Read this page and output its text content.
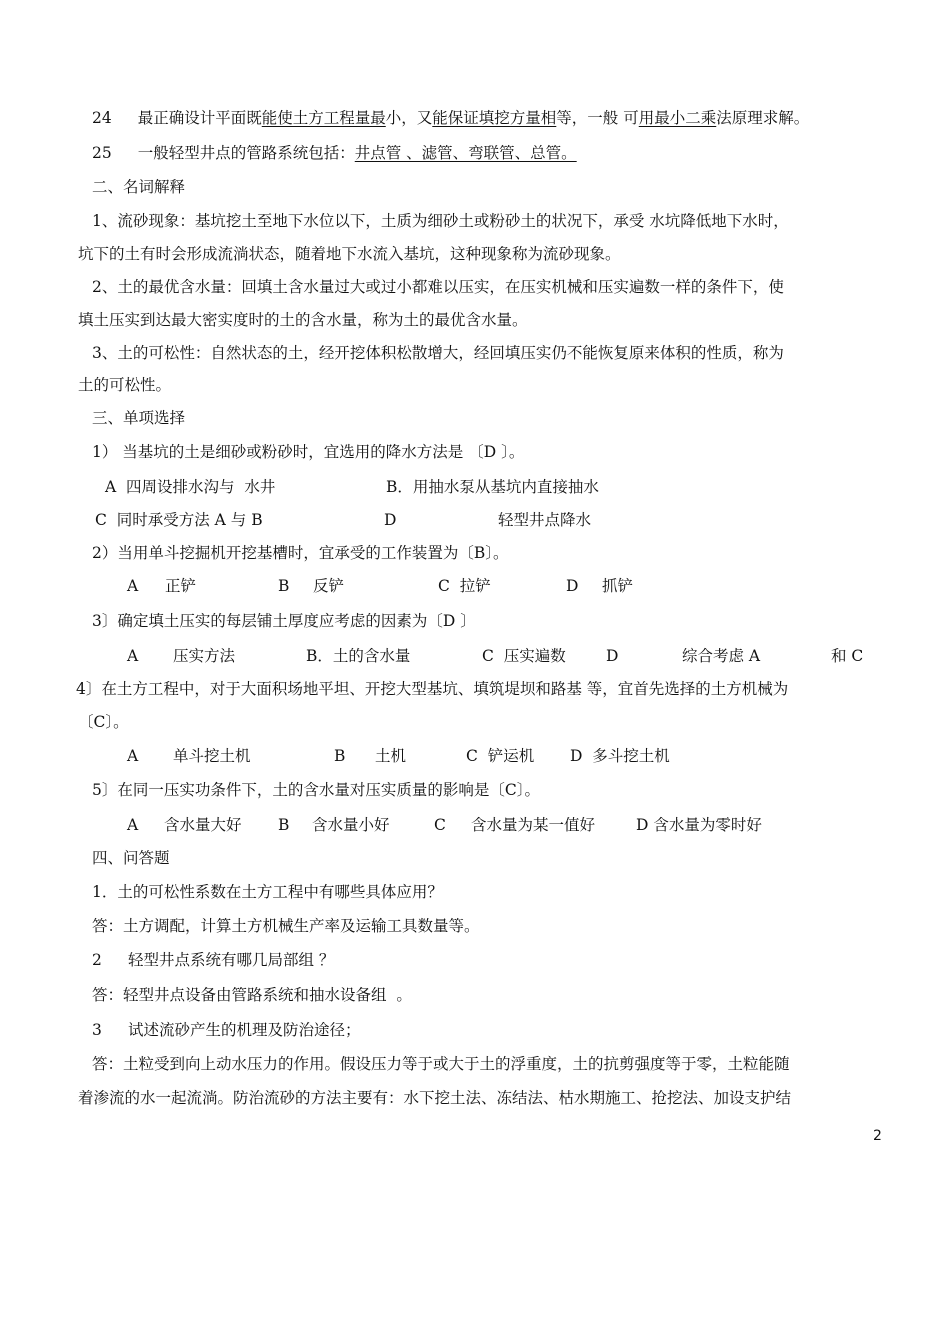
24 最正确设计平面既能使土方工程量最小，又能保证填挖方量相等，一般 可用最小二乘法原理求解。
25 一般轻型井点的管路系统包括：井点管 、滤管、弯联管、总管。
二、名词解释
1、流砂现象：基坑挖土至地下水位以下，土质为细砂土或粉砂土的状况下，承受 水坑降低地下水时，
坑下的土有时会形成流淌状态，随着地下水流入基坑，这种现象称为流砂现象。
2、土的最优含水量：回填土含水量过大或过小都难以压实，在压实机械和压实遍数一样的条件下，使
填土压实到达最大密实度时的土的含水量，称为土的最优含水量。
3、土的可松性：自然状态的土，经开挖体积松散增大，经回填压实仍不能恢复原来体积的性质，称为
土的可松性。
三、单项选择
1） 当基坑的土是细砂或粉砂时，宜选用的降水方法是 〔D 〕。
A  四周设排水沟与  水井	B．用抽水泵从基坑内直接抽水
C  同时承受方法 A 与 B	D	轻型井点降水
2）当用单斗挖掘机开挖基槽时，宜承受的工作装置为〔B〕。
A 正铲	B 反铲	C  拉铲	D 抓铲
3〕确定填土压实的每层铺土厚度应考虑的因素为〔D 〕
A 压实方法	B．土的含水量	C  压实遍数	D	综合考虑 A	和 C
4〕在土方工程中，对于大面积场地平坦、开挖大型基坑、填筑堤坝和路基 等，宜首先选择的土方机械为
〔C〕。
A 单斗挖土机	B 土机	C  铲运机 D  多斗挖土机
5〕在同一压实功条件下，土的含水量对压实质量的影响是〔C〕。
A 含水量大好 B 含水量小好	C 含水量为某一值好	D 含水量为零时好
四、问答题
1．土的可松性系数在土方工程中有哪些具体应用？
答：土方调配，计算土方机械生产率及运输工具数量等。
2 轻型井点系统有哪几局部组 ？
答：轻型井点设备由管路系统和抽水设备组  。
3 试述流砂产生的机理及防治途径；
答：土粒受到向上动水压力的作用。假设压力等于或大于土的浮重度，土的抗剪强度等于零，土粒能随
着渗流的水一起流淌。防治流砂的方法主要有：水下挖土法、冻结法、枯水期施工、抢挖法、加设支护结
2
